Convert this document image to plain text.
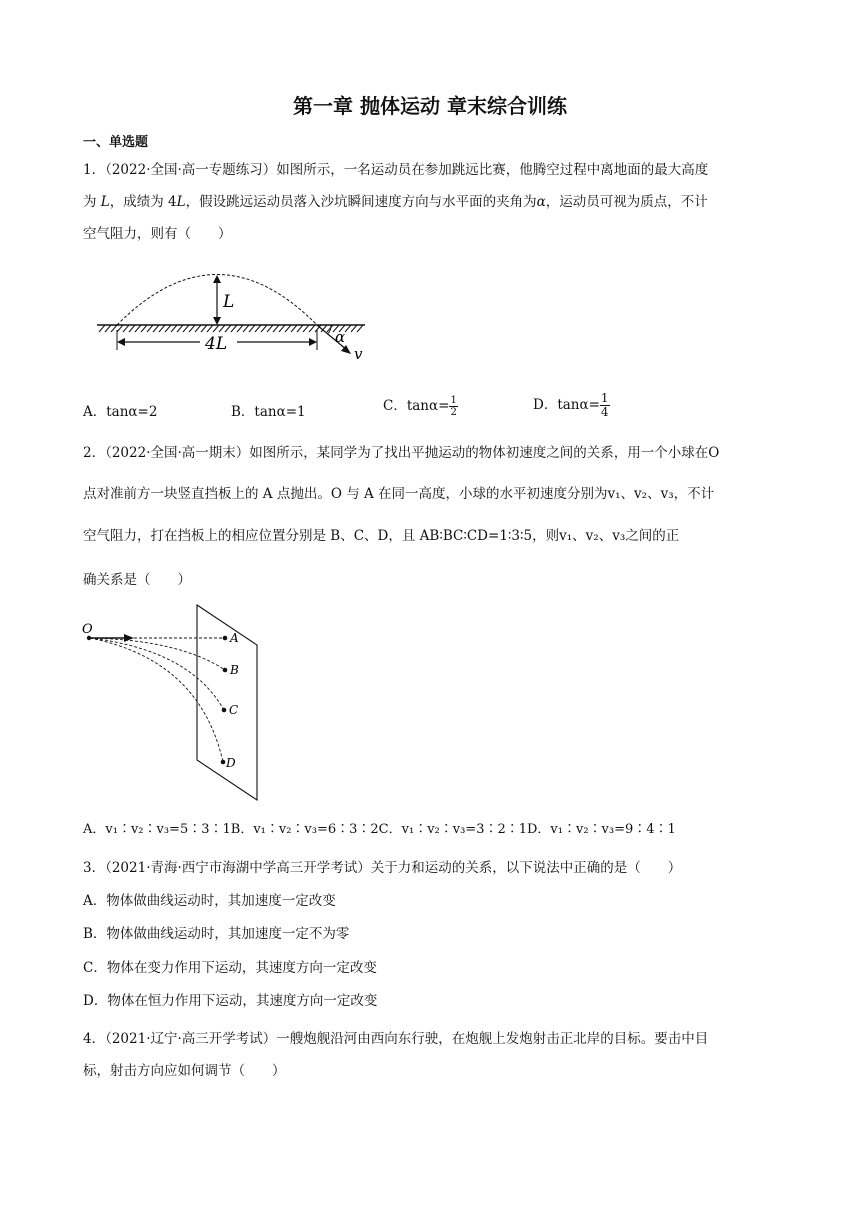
第一章 抛体运动 章末综合训练
一、单选题
1．（2022·全国·高一专题练习）如图所示，一名运动员在参加跳远比赛，他腾空过程中离地面的最大高度
为 L，成绩为 4L，假设跳远运动员落入沙坑瞬间速度方向与水平面的夹角为α，运动员可视为质点，不计
空气阻力，则有（　　）
L
4L	α
v
A．tanα=2	B．tanα=1	C．$\tan\alpha= \frac{1}{2}$	D．$\tan\alpha= \frac{1}{4}$
2．（2022·全国·高一期末）如图所示，某同学为了找出平抛运动的物体初速度之间的关系，用一个小球在O
点对准前方一块竖直挡板上的 A 点抛出。O 与 A 在同一高度，小球的水平初速度分别为v₁、v₂、v₃，不计
空气阻力，打在挡板上的相应位置分别是 B、C、D，且 AB∶BC∶CD=1∶3∶5，则v₁、v₂、v₃之间的正
确关系是（　　）
O
A
B
C
D
A．v₁∶v₂∶v₃=5∶3∶1B．v₁∶v₂∶v₃=6∶3∶2C．v₁∶v₂∶v₃=3∶2∶1D．v₁∶v₂∶v₃=9∶4∶1
3．（2021·青海·西宁市海湖中学高三开学考试）关于力和运动的关系，以下说法中正确的是（　　）
A．物体做曲线运动时，其加速度一定改变
B．物体做曲线运动时，其加速度一定不为零
C．物体在变力作用下运动，其速度方向一定改变
D．物体在恒力作用下运动，其速度方向一定改变
4．（2021·辽宁·高三开学考试）一艘炮舰沿河由西向东行驶，在炮舰上发炮射击正北岸的目标。要击中目
标，射击方向应如何调节（　　）
